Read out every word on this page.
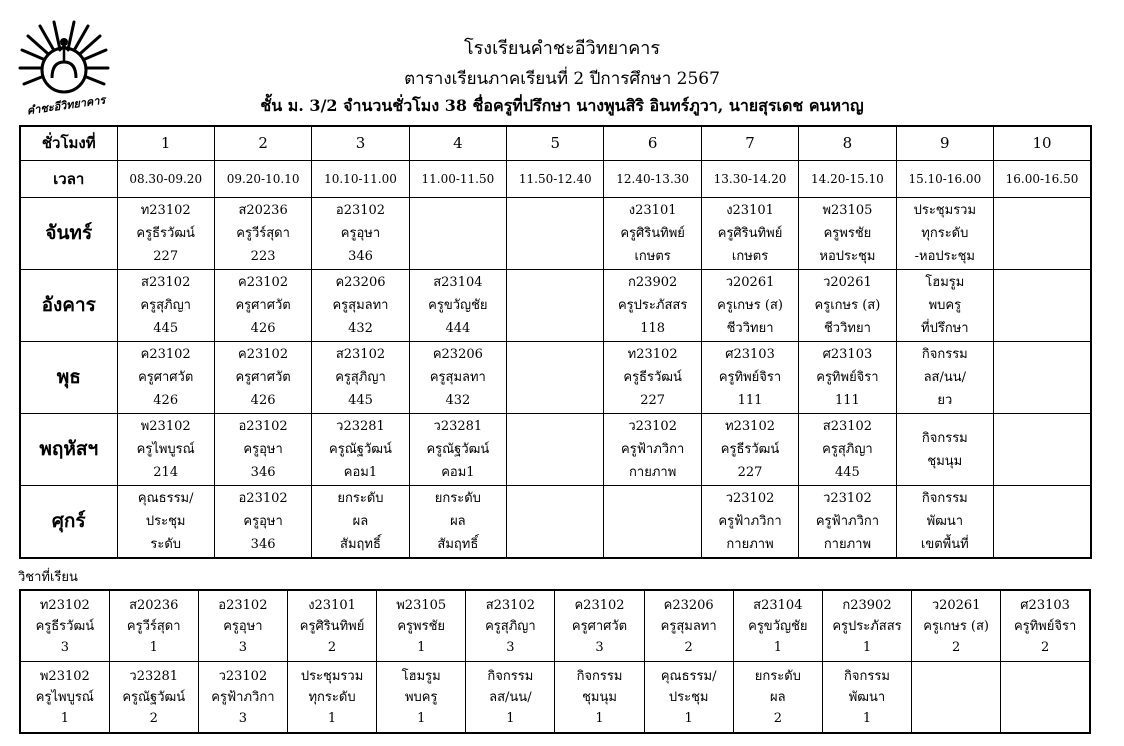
คำชะอีวิทยาคาร
โรงเรียนคำชะอีวิทยาคาร
ตารางเรียนภาคเรียนที่ 2 ปีการศึกษา 2567
ชั้น ม. 3/2 จำนวนชั่วโมง 38 ชื่อครูที่ปรึกษา นางพูนสิริ อินทร์ภูวา, นายสุรเดช คนหาญ
ชั่วโมงที่	1	2	3	4	5	6	7	8	9	10
เวลา	08.30-09.20	09.20-10.10	10.10-11.00	11.00-11.50	11.50-12.40	12.40-13.30	13.30-14.20	14.20-15.10	15.10-16.00	16.00-16.50
จันทร์	ท23102
ครูธีรวัฒน์
227	ส20236
ครูวีร์สุดา
223	อ23102
ครูอุษา
346			ง23101
ครูศิรินทิพย์
เกษตร	ง23101
ครูศิรินทิพย์
เกษตร	พ23105
ครูพรชัย
หอประชุม	ประชุมรวม
ทุกระดับ
-หอประชุม	

อังคาร	ส23102
ครูสุภิญา
445	ค23102
ครูศาศวัต
426	ค23206
ครูสุมลทา
432	ส23104
ครูขวัญชัย
444		ก23902
ครูประภัสสร
118	ว20261
ครูเกษร (ส)
ชีววิทยา	ว20261
ครูเกษร (ส)
ชีววิทยา	โฮมรูม
พบครู
ที่ปรึกษา	

พุธ	ค23102
ครูศาศวัต
426	ค23102
ครูศาศวัต
426	ส23102
ครูสุภิญา
445	ค23206
ครูสุมลทา
432		ท23102
ครูธีรวัฒน์
227	ศ23103
ครูทิพย์จิรา
111	ศ23103
ครูทิพย์จิรา
111	กิจกรรม
ลส/นน/
ยว	

พฤหัสฯ	พ23102
ครูไพบูรณ์
214	อ23102
ครูอุษา
346	ว23281
ครูณัฐวัฒน์
คอม1	ว23281
ครูณัฐวัฒน์
คอม1		ว23102
ครูฟ้าภวิกา
กายภาพ	ท23102
ครูธีรวัฒน์
227	ส23102
ครูสุภิญา
445	กิจกรรม
ชุมนุม	

ศุกร์	คุณธรรม/
ประชุม
ระดับ	อ23102
ครูอุษา
346	ยกระดับ
ผล
สัมฤทธิ์	ยกระดับ
ผล
สัมฤทธิ์			ว23102
ครูฟ้าภวิกา
กายภาพ	ว23102
ครูฟ้าภวิกา
กายภาพ	กิจกรรม
พัฒนา
เขตพื้นที่	

วิชาที่เรียน
ท23102
ครูธีรวัฒน์
3	ส20236
ครูวีร์สุดา
1	อ23102
ครูอุษา
3	ง23101
ครูศิรินทิพย์
2	พ23105
ครูพรชัย
1	ส23102
ครูสุภิญา
3	ค23102
ครูศาศวัต
3	ค23206
ครูสุมลทา
2	ส23104
ครูขวัญชัย
1	ก23902
ครูประภัสสร
1	ว20261
ครูเกษร (ส)
2	ศ23103
ครูทิพย์จิรา
2

พ23102
ครูไพบูรณ์
1	ว23281
ครูณัฐวัฒน์
2	ว23102
ครูฟ้าภวิกา
3	ประชุมรวม
ทุกระดับ
1	โฮมรูม
พบครู
1	กิจกรรม
ลส/นน/
1	กิจกรรม
ชุมนุม
1	คุณธรรม/
ประชุม
1	ยกระดับ
ผล
2	กิจกรรม
พัฒนา
1		
